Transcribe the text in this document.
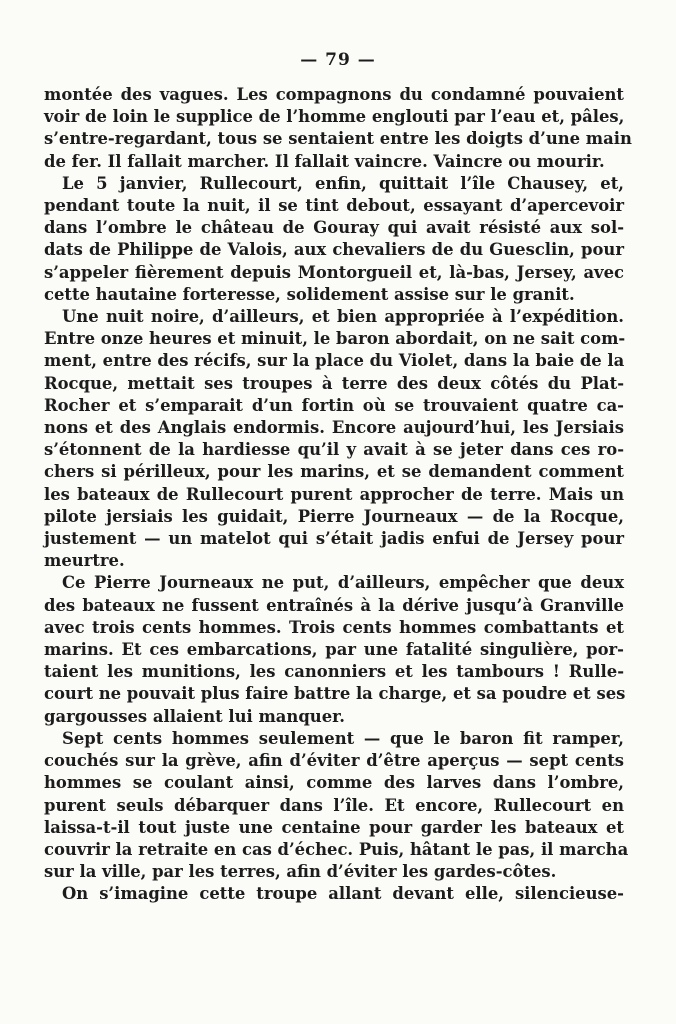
— 79 —
montée des vagues. Les compagnons du condamné pouvaient
voir de loin le supplice de l’homme englouti par l’eau et, pâles,
s’entre-regardant, tous se sentaient entre les doigts d’une main
de fer. Il fallait marcher. Il fallait vaincre. Vaincre ou mourir.
Le 5 janvier, Rullecourt, enfin, quittait l’île Chausey, et,
pendant toute la nuit, il se tint debout, essayant d’apercevoir
dans l’ombre le château de Gouray qui avait résisté aux sol-
dats de Philippe de Valois, aux chevaliers de du Guesclin, pour
s’appeler fièrement depuis Montorgueil et, là-bas, Jersey, avec
cette hautaine forteresse, solidement assise sur le granit.
Une nuit noire, d’ailleurs, et bien appropriée à l’expédition.
Entre onze heures et minuit, le baron abordait, on ne sait com-
ment, entre des récifs, sur la place du Violet, dans la baie de la
Rocque, mettait ses troupes à terre des deux côtés du Plat-
Rocher et s’emparait d’un fortin où se trouvaient quatre ca-
nons et des Anglais endormis. Encore aujourd’hui, les Jersiais
s’étonnent de la hardiesse qu’il y avait à se jeter dans ces ro-
chers si périlleux, pour les marins, et se demandent comment
les bateaux de Rullecourt purent approcher de terre. Mais un
pilote jersiais les guidait, Pierre Journeaux — de la Rocque,
justement — un matelot qui s’était jadis enfui de Jersey pour
meurtre.
Ce Pierre Journeaux ne put, d’ailleurs, empêcher que deux
des bateaux ne fussent entraînés à la dérive jusqu’à Granville
avec trois cents hommes. Trois cents hommes combattants et
marins. Et ces embarcations, par une fatalité singulière, por-
taient les munitions, les canonniers et les tambours ! Rulle-
court ne pouvait plus faire battre la charge, et sa poudre et ses
gargousses allaient lui manquer.
Sept cents hommes seulement — que le baron fit ramper,
couchés sur la grève, afin d’éviter d’être aperçus — sept cents
hommes se coulant ainsi, comme des larves dans l’ombre,
purent seuls débarquer dans l’île. Et encore, Rullecourt en
laissa-t-il tout juste une centaine pour garder les bateaux et
couvrir la retraite en cas d’échec. Puis, hâtant le pas, il marcha
sur la ville, par les terres, afin d’éviter les gardes-côtes.
On s’imagine cette troupe allant devant elle, silencieuse-
